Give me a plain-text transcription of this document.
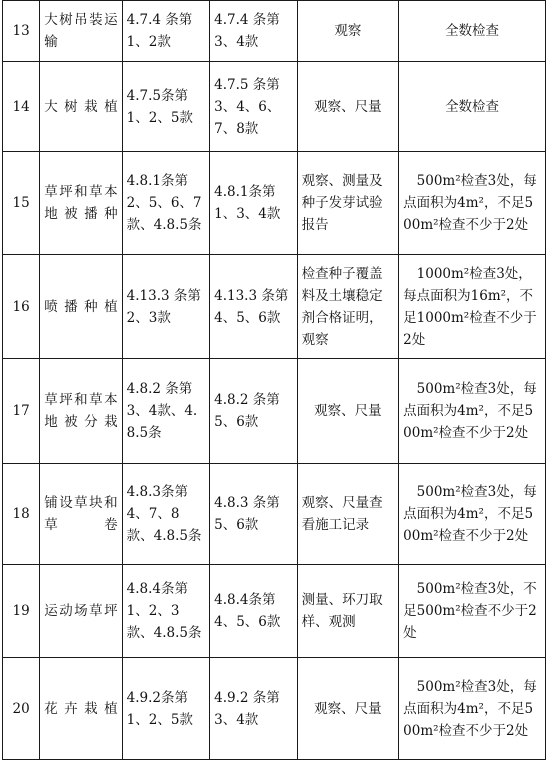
13	大树吊装运输	4.7.4 条第1、2款	4.7.4 条第3、4款	观察	全数检查
14	大树栽植	4.7.5条第1、2、5款	4.7.5 条第3、4、6、7、8款	观察、尺量	全数检查
15	草坪和草本地被播种	4.8.1条第2、5、6、7款、4.8.5条	4.8.1条第1、3、4款	观察、测量及种子发芽试验报告	500m²检查3处，每点面积为4m²，不足500m²检查不少于2处
16	喷播种植	4.13.3 条第2、3款	4.13.3 条第4、5、6款	检查种子覆盖料及土壤稳定剂合格证明，观察	1000m²检查3处，每点面积为16m²，不足1000m²检查不少于2处
17	草坪和草本地被分栽	4.8.2 条第3、4款、4.8.5条	4.8.2 条第5、6款	观察、尺量	500m²检查3处，每点面积为4m²，不足500m²检查不少于2处
18	铺设草块和草卷	4.8.3条第4、7、8款、4.8.5条	4.8.3 条第5、6款	观察、尺量查看施工记录	500m²检查3处，每点面积为4m²，不足500m²检查不少于2处
19	运动场草坪	4.8.4条第1、2、3款、4.8.5条	4.8.4条第4、5、6款	测量、环刀取样、观测	500m²检查3处，不足500m²检查不少于2处
20	花卉栽植	4.9.2条第1、2、5款	4.9.2 条第3、4款	观察、尺量	500m²检查3处，每点面积为4m²，不足500m²检查不少于2处
